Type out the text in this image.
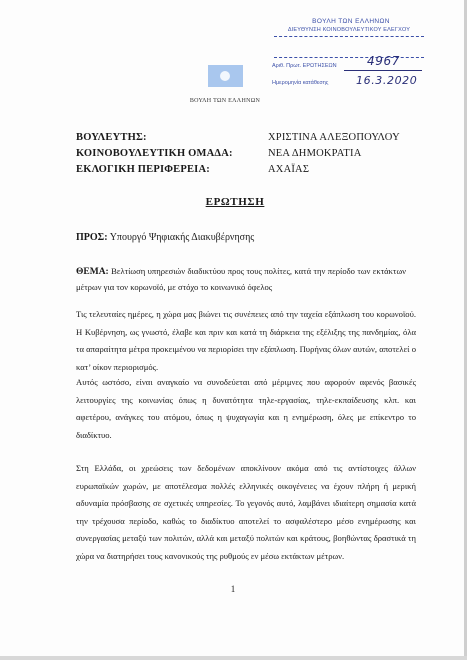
ΒΟΥΛΗ ΤΩΝ ΕΛΛΗΝΩΝ
ΔΙΕΥΘΥΝΣΗ ΚΟΙΝΟΒΟΥΛΕΥΤΙΚΟΥ ΕΛΕΓΧΟΥ
Αριθ. Πρωτ. ΕΡΩΤΗΣΕΩΝ	4967
Ημερομηνία κατάθεσης	16.3.2020
ΒΟΥΛΗ ΤΩΝ ΕΛΛΗΝΩΝ
ΒΟΥΛΕΥΤΗΣ:	ΧΡΙΣΤΙΝΑ ΑΛΕΞΟΠΟΥΛΟΥ
ΚΟΙΝΟΒΟΥΛΕΥΤΙΚΗ ΟΜΑΔΑ:	ΝΕΑ ΔΗΜΟΚΡΑΤΙΑ
ΕΚΛΟΓΙΚΗ ΠΕΡΙΦΕΡΕΙΑ:	ΑΧΑΪΑΣ
ΕΡΩΤΗΣΗ
ΠΡΟΣ: Υπουργό Ψηφιακής Διακυβέρνησης
ΘΕΜΑ: Βελτίωση υπηρεσιών διαδικτύου προς τους πολίτες, κατά την περίοδο των εκτάκτων μέτρων για τον κορωνοϊό, με στόχο το κοινωνικό όφελος
Τις τελευταίες ημέρες, η χώρα μας βιώνει τις συνέπειες από την ταχεία εξάπλωση του κορωνοϊού. Η Κυβέρνηση, ως γνωστό, έλαβε και πριν και κατά τη διάρκεια της εξέλιξης της πανδημίας, όλα τα απαραίτητα μέτρα προκειμένου να περιορίσει την εξάπλωση. Πυρήνας όλων αυτών, αποτελεί ο κατ’ οίκον περιορισμός.
Αυτός ωστόσο, είναι αναγκαίο να συνοδεύεται από μέριμνες που αφορούν αφενός βασικές λειτουργίες της κοινωνίας όπως η δυνατότητα τηλε-εργασίας, τηλε-εκπαίδευσης κλπ. και αφετέρου, ανάγκες του ατόμου, όπως η ψυχαγωγία και η ενημέρωση, όλες με επίκεντρο το διαδίκτυο.
Στη Ελλάδα, οι χρεώσεις των δεδομένων αποκλίνουν ακόμα από τις αντίστοιχες άλλων ευρωπαϊκών χωρών, με αποτέλεσμα πολλές ελληνικές οικογένειες να έχουν πλήρη ή μερική αδυναμία πρόσβασης σε σχετικές υπηρεσίες. Το γεγονός αυτό, λαμβάνει ιδιαίτερη σημασία κατά την τρέχουσα περίοδο, καθώς το διαδίκτυο αποτελεί το ασφαλέστερο μέσο ενημέρωσης και συνεργασίας μεταξύ των πολιτών, αλλά και μεταξύ πολιτών και κράτους, βοηθώντας δραστικά τη χώρα να διατηρήσει τους κανονικούς της ρυθμούς εν μέσω εκτάκτων μέτρων.
1
